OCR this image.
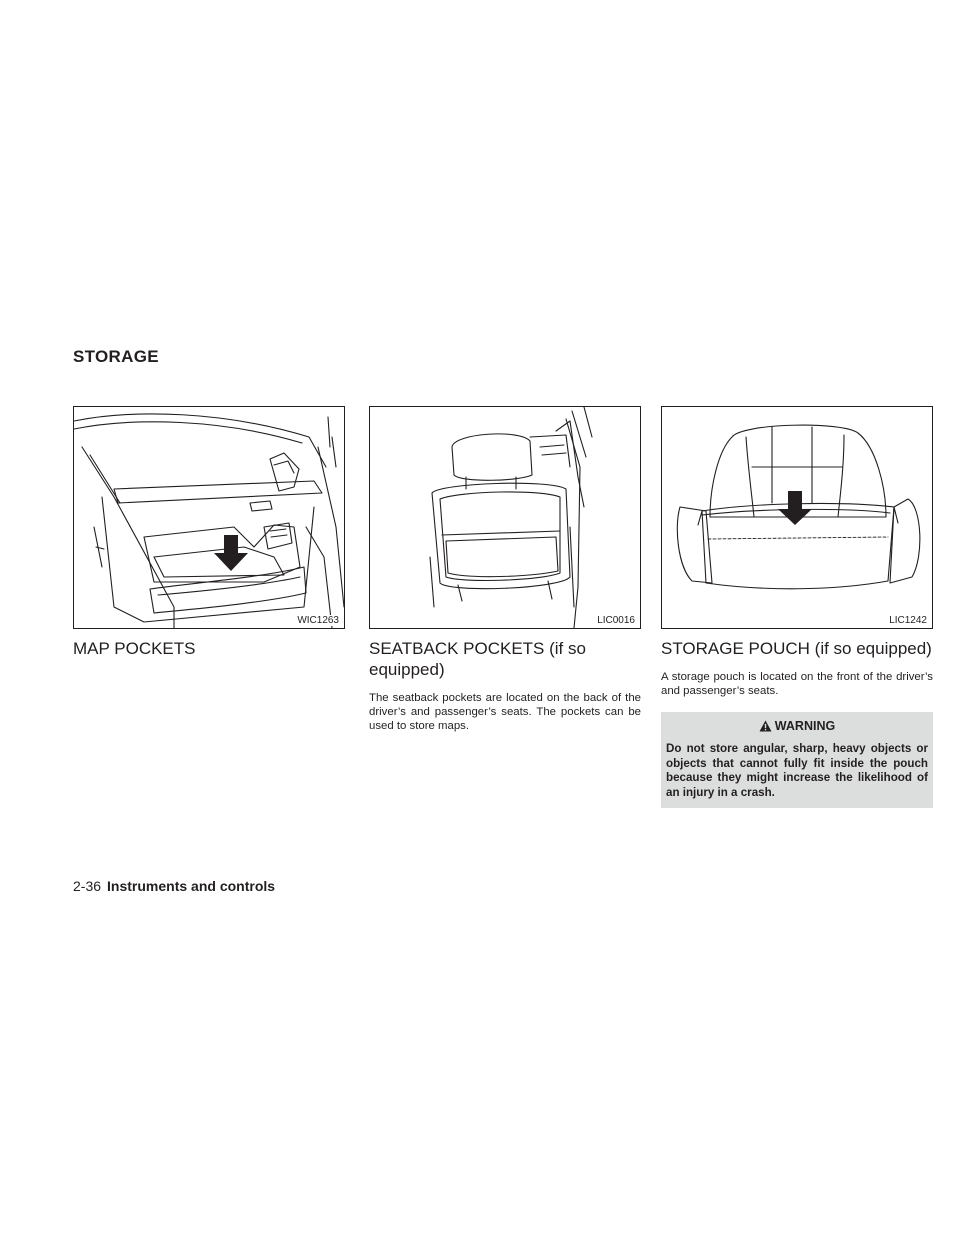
STORAGE
WIC1263
MAP POCKETS
LIC0016
SEATBACK POCKETS (if so equipped)

The seatback pockets are located on the back of the driver’s and passenger’s seats. The pockets can be used to store maps.

LIC1242
STORAGE POUCH (if so equipped)

A storage pouch is located on the front of the driver’s and passenger’s seats.

WARNING
Do not store angular, sharp, heavy objects or objects that cannot fully fit inside the pouch because they might increase the likelihood of an injury in a crash.
2-36 Instruments and controls
